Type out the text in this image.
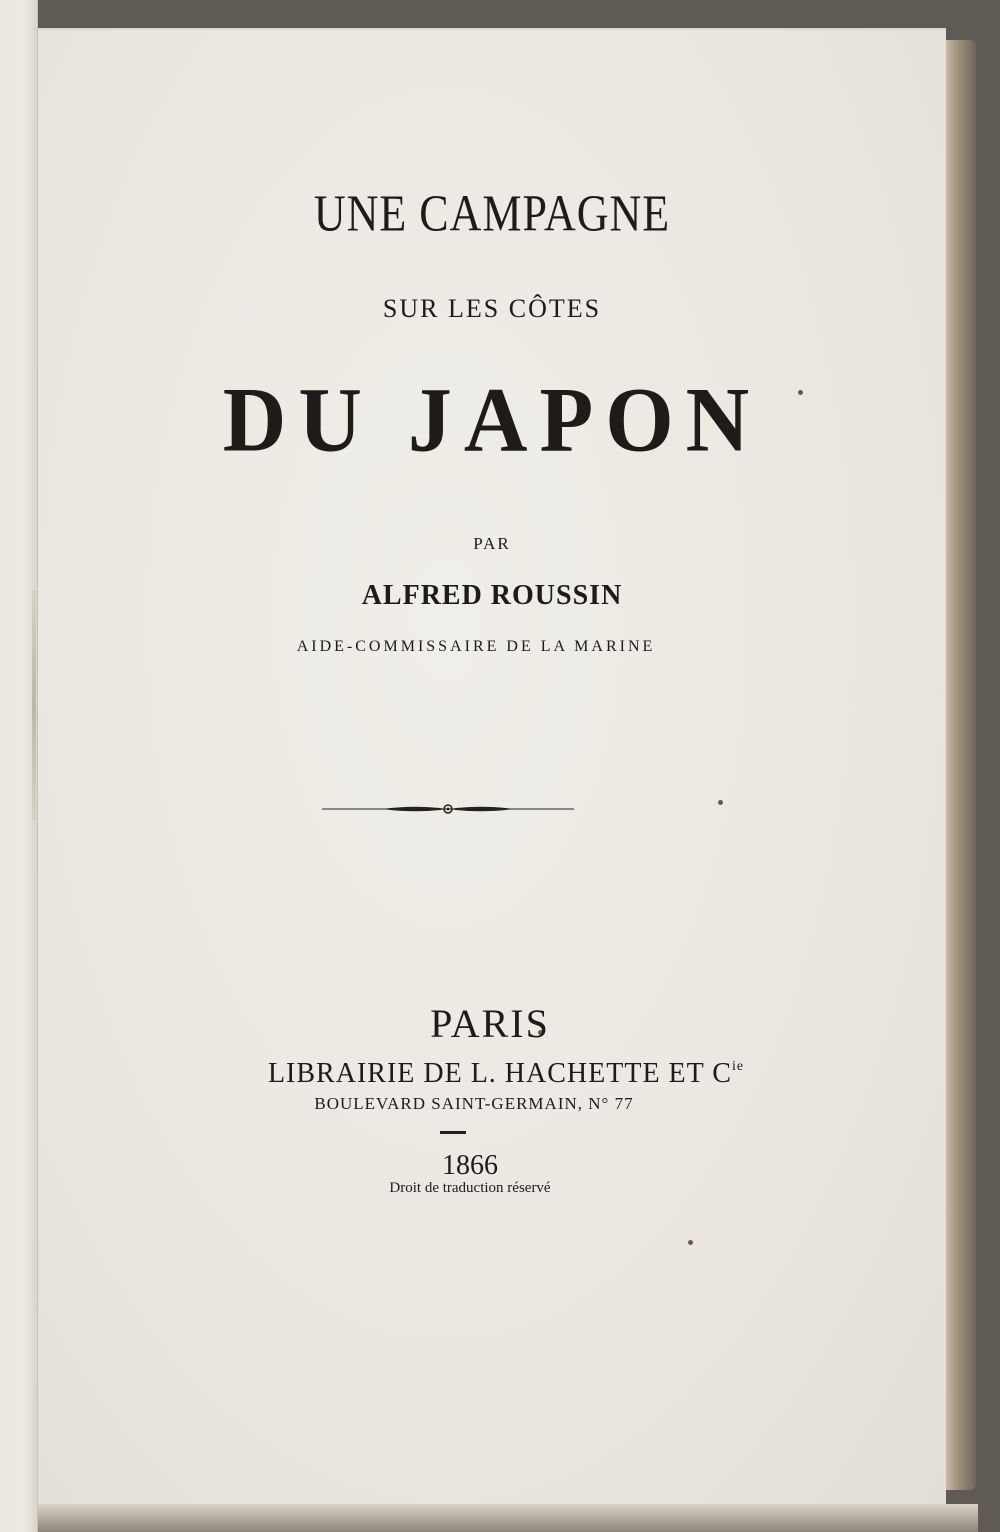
UNE CAMPAGNE
SUR LES CÔTES
DU JAPON
PAR
ALFRED ROUSSIN
AIDE-COMMISSAIRE DE LA MARINE
PARIS
LIBRAIRIE DE L. HACHETTE ET $C^{ie}$
BOULEVARD SAINT-GERMAIN, N° 77
1866
Droit de traduction réservé
